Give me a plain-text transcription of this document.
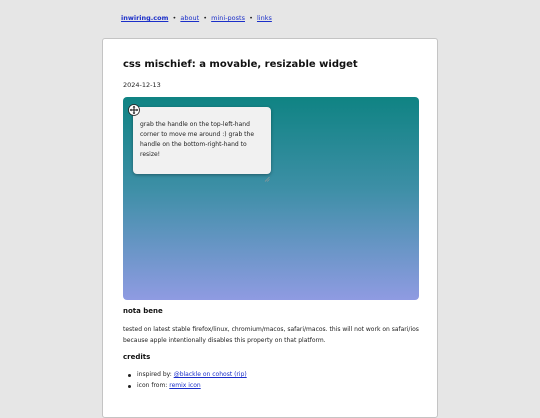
inwiring.com • about • mini-posts • links
css mischief: a movable, resizable widget
2024-12-13
grab the handle on the top-left-hand corner to move me around :) grab the handle on the bottom-right-hand to resize!
nota bene

tested on latest stable firefox/linux, chromium/macos, safari/macos. this will not work on safari/ios because apple intentionally disables this property on that platform.

credits
inspired by: @blackle on cohost (rip)
icon from: remix icon
